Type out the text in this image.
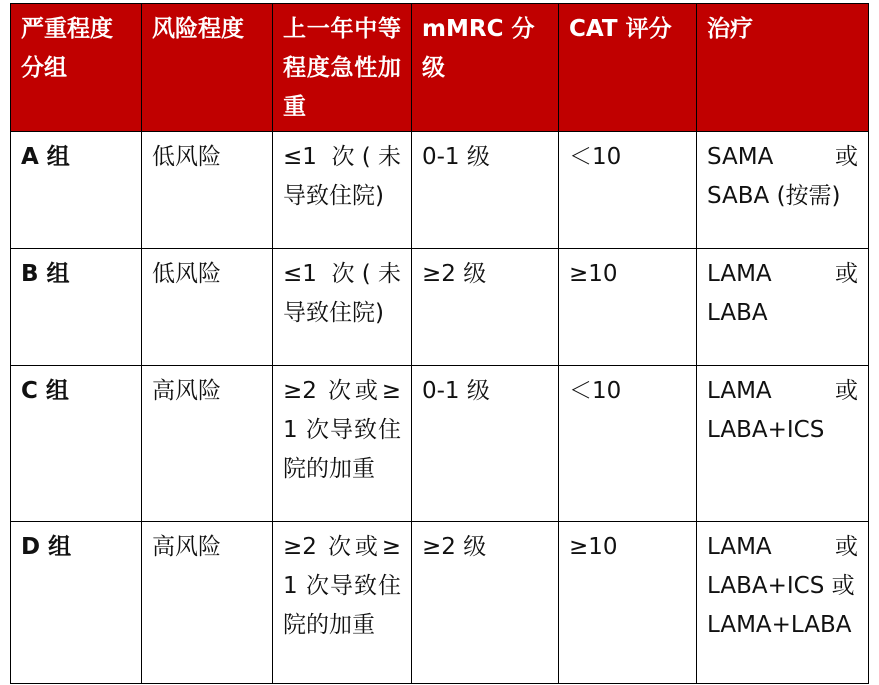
严重程度分组	风险程度	上一年中等程度急性加重	mMRC 分级	CAT 评分	治疗
A 组	低风险	≤1 次(未导致住院)	0-1 级	＜10	SAMA 或
SABA (按需)
B 组	低风险	≤1 次(未导致住院)	≥2 级	≥10	LAMA 或
LABA
C 组	高风险	≥2 次或≥1 次导致住院的加重	0-1 级	＜10	LAMA 或
LABA+ICS
D 组	高风险	≥2 次或≥1 次导致住院的加重	≥2 级	≥10	LAMA 或
LABA+ICS 或
LAMA+LABA
